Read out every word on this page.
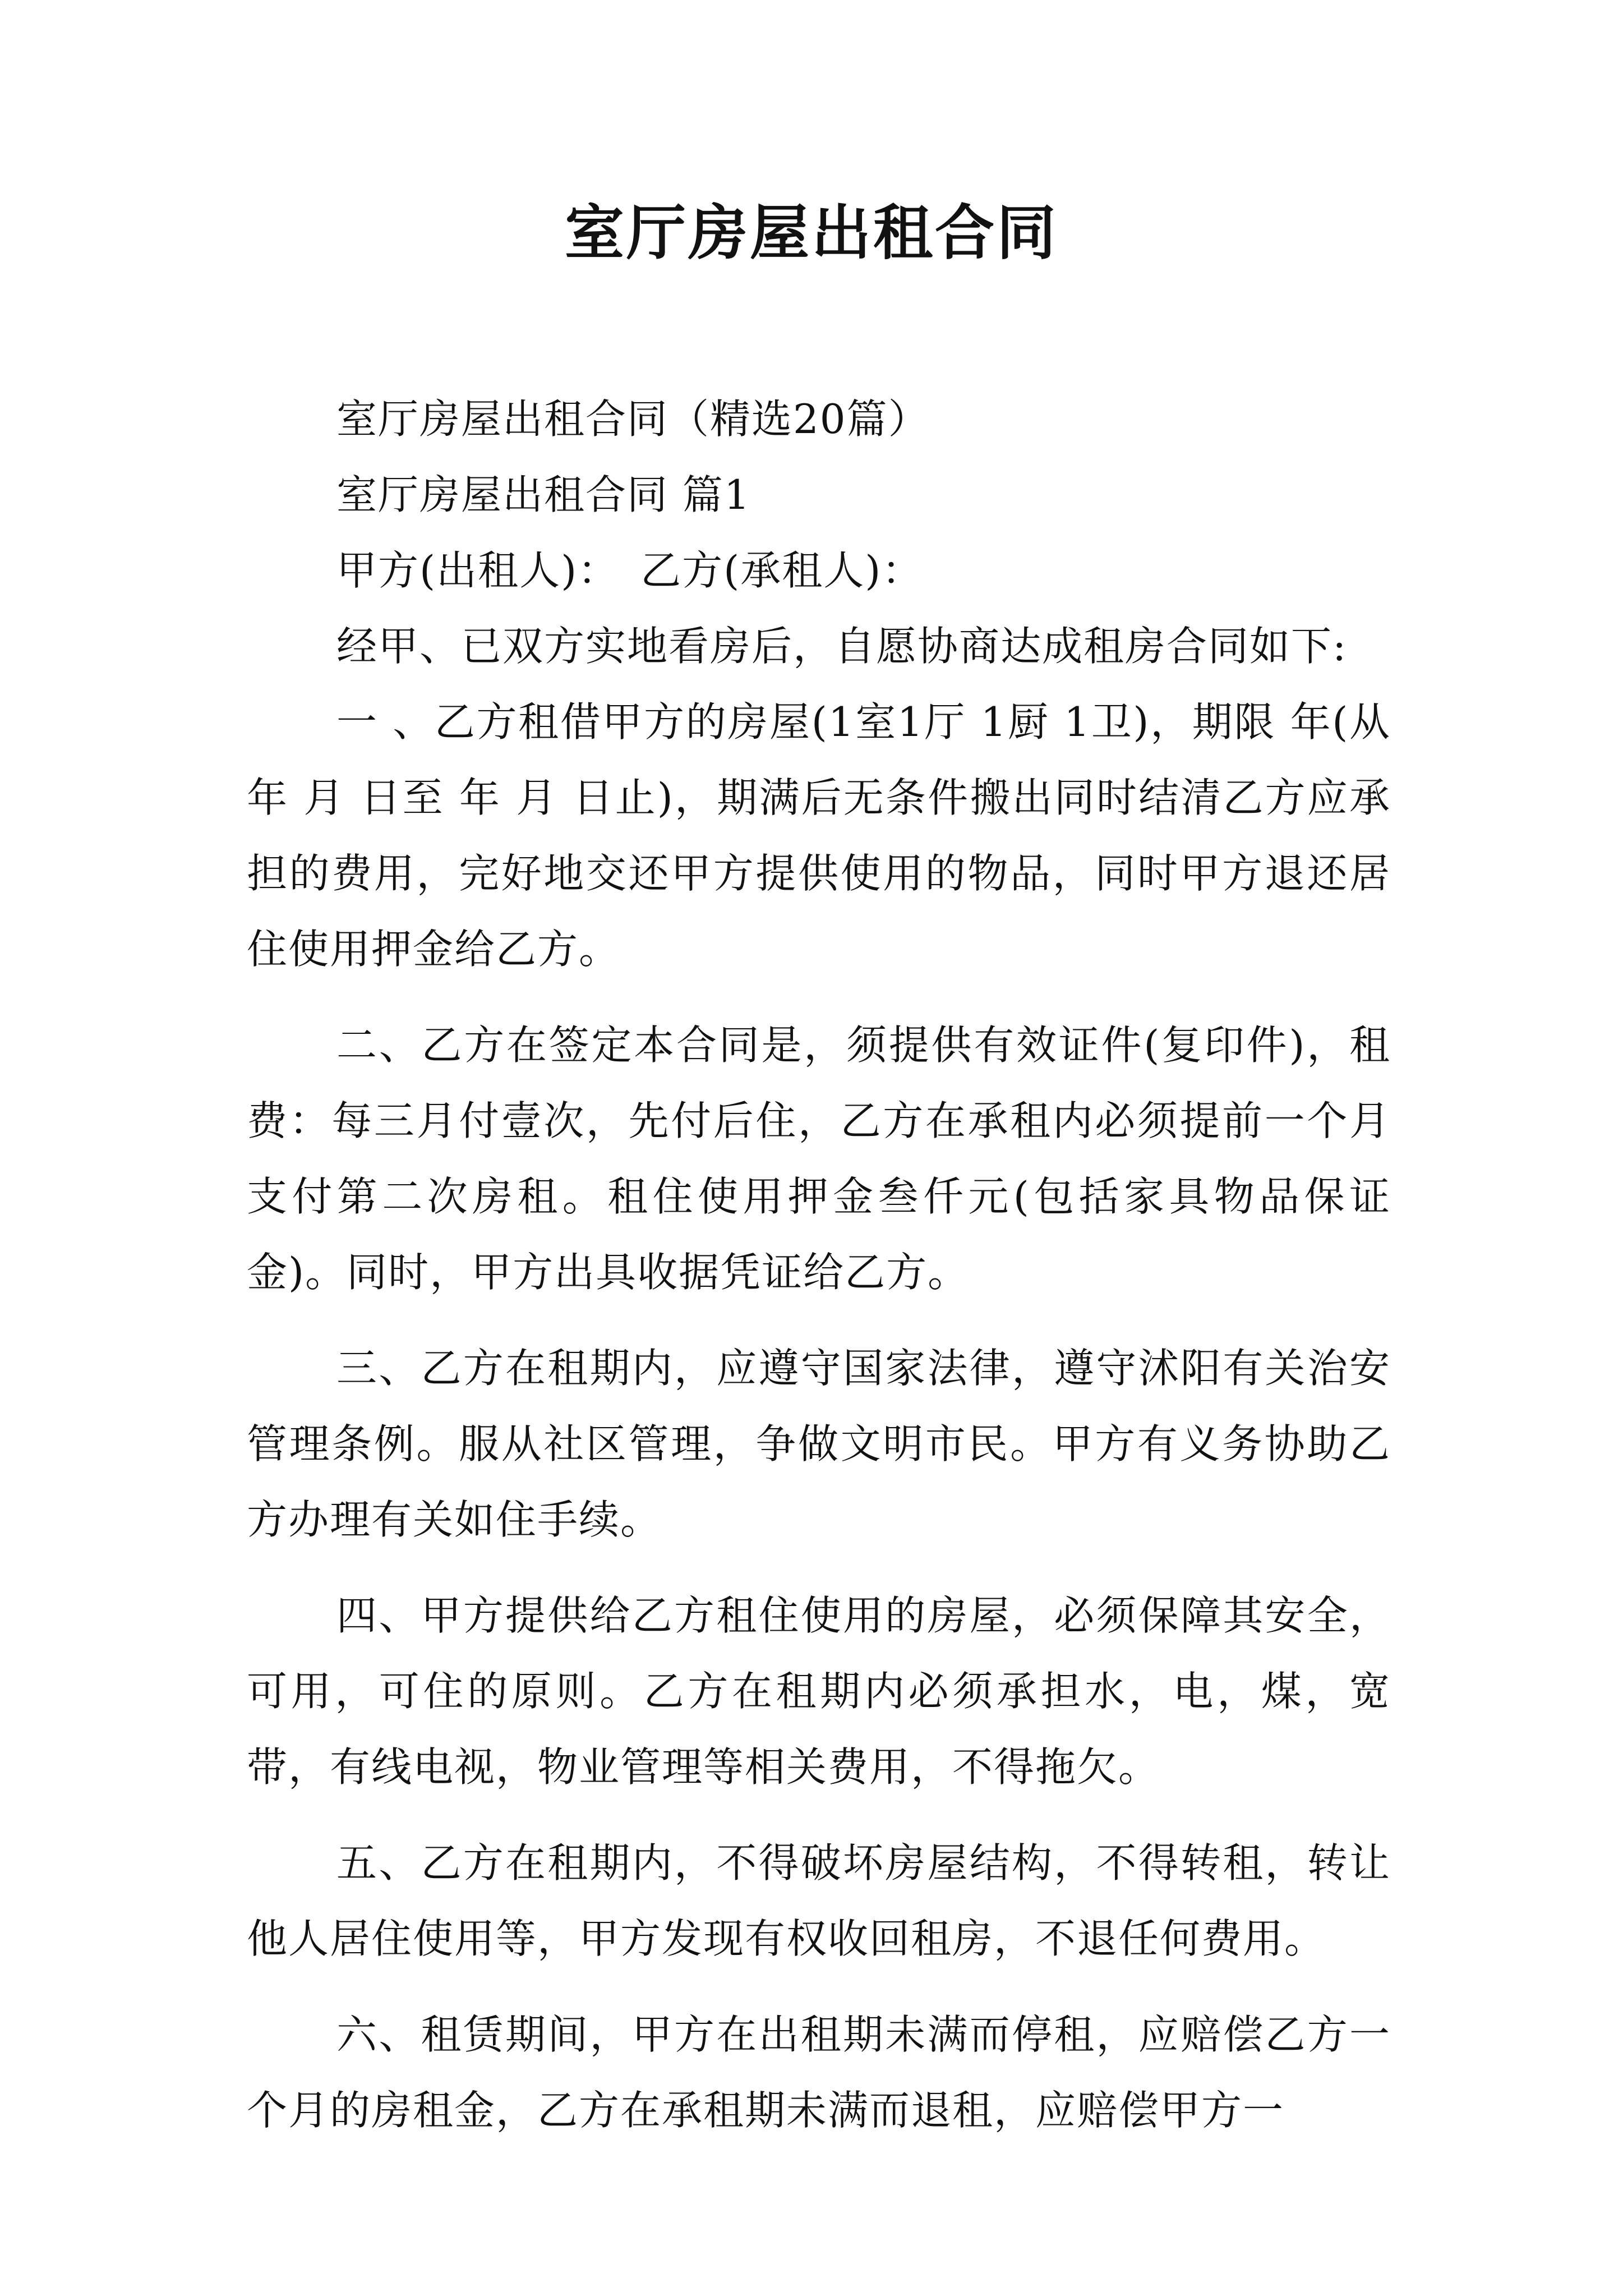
室厅房屋出租合同

室厅房屋出租合同（精选20篇）

室厅房屋出租合同 篇1

甲方(出租人)：　乙方(承租人)：

经甲、已双方实地看房后，自愿协商达成租房合同如下:

一 、乙方租借甲方的房屋(1室1厅 1厨 1卫)，期限 年(从 年 月 日至 年 月 日止)，期满后无条件搬出同时结清乙方应承担的费用，完好地交还甲方提供使用的物品，同时甲方退还居住使用押金给乙方。

二、乙方在签定本合同是，须提供有效证件(复印件)，租费：每三月付壹次，先付后住，乙方在承租内必须提前一个月支付第二次房租。租住使用押金叁仟元(包括家具物品保证金)。同时，甲方出具收据凭证给乙方。

三、乙方在租期内，应遵守国家法律，遵守沭阳有关治安管理条例。服从社区管理，争做文明市民。甲方有义务协助乙方办理有关如住手续。

四、甲方提供给乙方租住使用的房屋，必须保障其安全，可用，可住的原则。乙方在租期内必须承担水，电，煤，宽带，有线电视，物业管理等相关费用，不得拖欠。

五、乙方在租期内，不得破坏房屋结构，不得转租，转让他人居住使用等，甲方发现有权收回租房，不退任何费用。

六、租赁期间，甲方在出租期未满而停租，应赔偿乙方一个月的房租金，乙方在承租期未满而退租，应赔偿甲方一
